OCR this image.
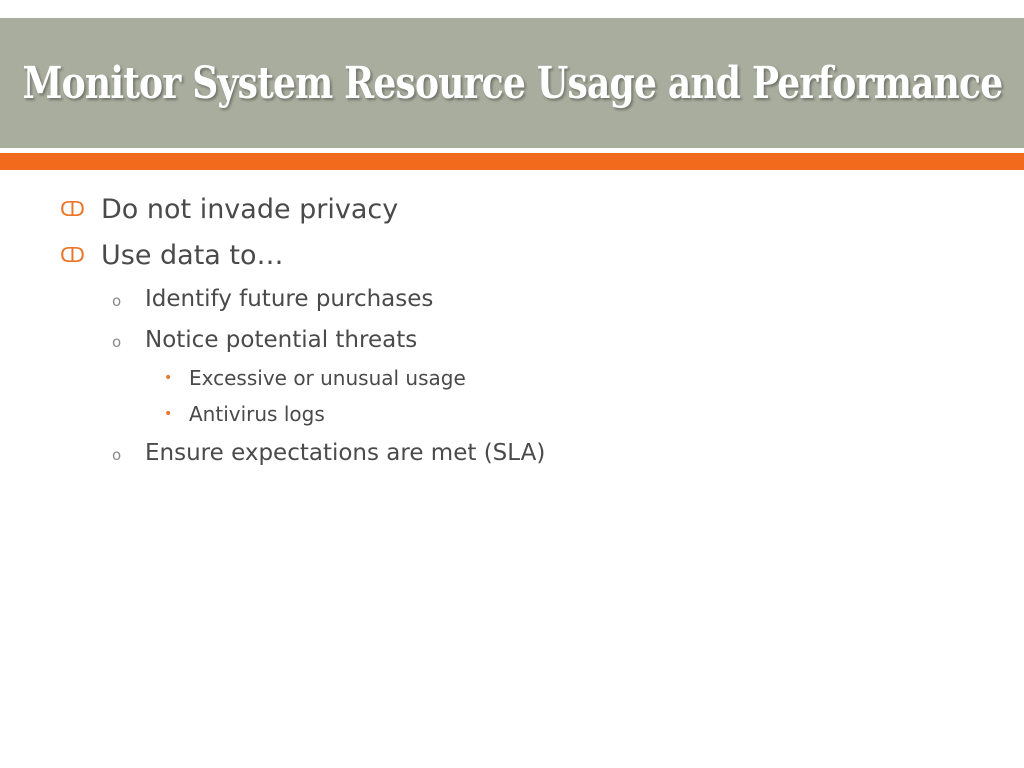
Monitor System Resource Usage and Performance
ↀ Do not invade privacy
ↀ Use data to…
o	Identify future purchases
o	Notice potential threats
• Excessive or unusual usage
• Antivirus logs
o	Ensure expectations are met (SLA)
